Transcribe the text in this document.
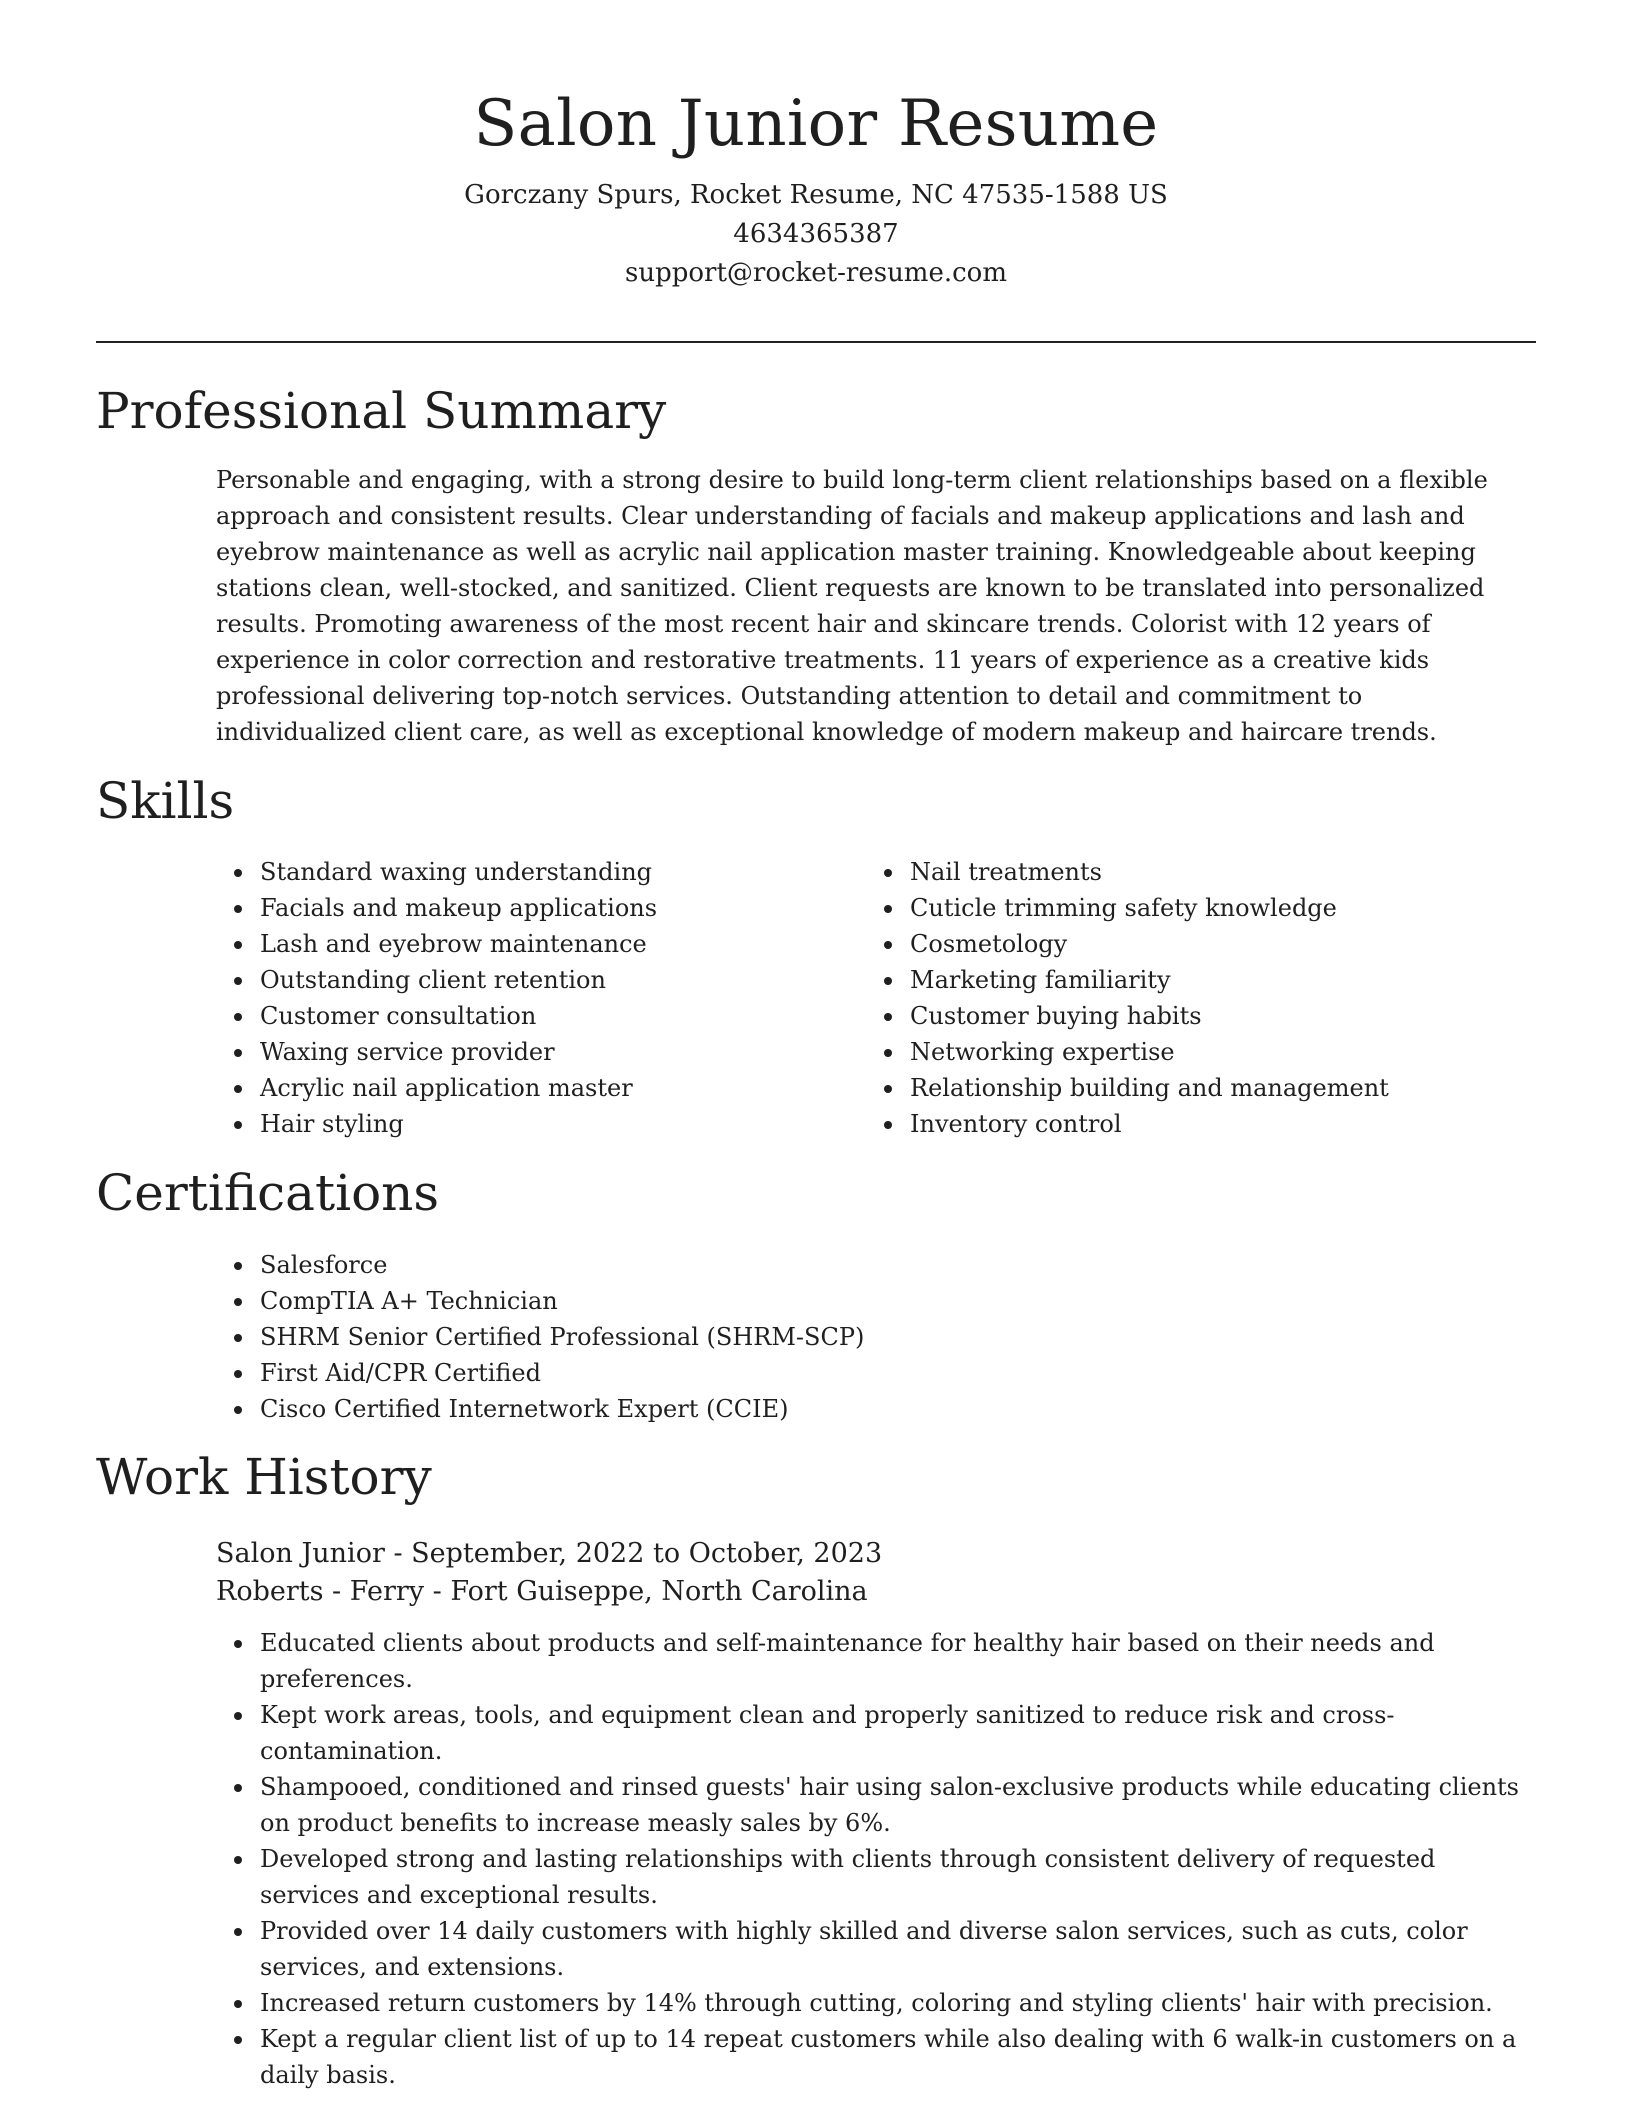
Salon Junior Resume

Gorczany Spurs, Rocket Resume, NC 47535-1588 US

4634365387

support@rocket-resume.com

Professional Summary

Personable and engaging, with a strong desire to build long-term client relationships based on a flexible approach and consistent results. Clear understanding of facials and makeup applications and lash and eyebrow maintenance as well as acrylic nail application master training. Knowledgeable about keeping stations clean, well-stocked, and sanitized. Client requests are known to be translated into personalized results. Promoting awareness of the most recent hair and skincare trends. Colorist with 12 years of experience in color correction and restorative treatments. 11 years of experience as a creative kids professional delivering top-notch services. Outstanding attention to detail and commitment to individualized client care, as well as exceptional knowledge of modern makeup and haircare trends.

Skills
Standard waxing understanding
Facials and makeup applications
Lash and eyebrow maintenance
Outstanding client retention
Customer consultation
Waxing service provider
Acrylic nail application master
Hair styling
Nail treatments
Cuticle trimming safety knowledge
Cosmetology
Marketing familiarity
Customer buying habits
Networking expertise
Relationship building and management
Inventory control
Certifications
Salesforce
CompTIA A+ Technician
SHRM Senior Certified Professional (SHRM-SCP)
First Aid/CPR Certified
Cisco Certified Internetwork Expert (CCIE)
Work History

Salon Junior - September, 2022 to October, 2023

Roberts - Ferry - Fort Guiseppe, North Carolina

Educated clients about products and self-maintenance for healthy hair based on their needs and preferences.
Kept work areas, tools, and equipment clean and properly sanitized to reduce risk and cross-contamination.
Shampooed, conditioned and rinsed guests' hair using salon-exclusive products while educating clients on product benefits to increase measly sales by 6%.
Developed strong and lasting relationships with clients through consistent delivery of requested services and exceptional results.
Provided over 14 daily customers with highly skilled and diverse salon services, such as cuts, color services, and extensions.
Increased return customers by 14% through cutting, coloring and styling clients' hair with precision.
Kept a regular client list of up to 14 repeat customers while also dealing with 6 walk-in customers on a daily basis.
